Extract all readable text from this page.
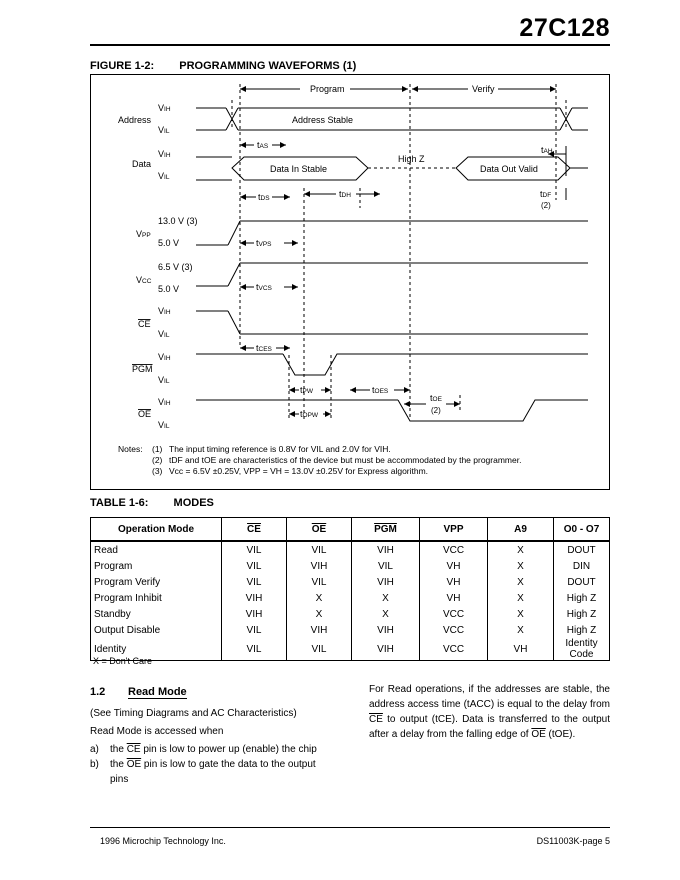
27C128
FIGURE 1-2: PROGRAMMING WAVEFORMS (1)
Program	Verify
Address
Data
VPP
VCC
CE
PGM
OE
VIH
VIL
VIH
VIL
13.0 V (3)
5.0 V
6.5 V (3)
5.0 V
VIH
VIL
VIH
VIL
VIH
VIL
Address Stable
Data In Stable
High Z
Data Out Valid
tAS	tAH
tDS	tDH	tDF
(2)
tVPS
tVCS
tCES
tPW
tOPW
tOES
tOE
(2)
Notes: (1) The input timing reference is 0.8V for VIL and 2.0V for VIH.
(2) tDF and tOE are characteristics of the device but must be accommodated by the programmer.
(3) Vcc = 6.5V ±0.25V, VPP = VH = 13.0V ±0.25V for Express algorithm.
TABLE 1-6: MODES
Operation Mode	$\overline{CE}$	$\overline{OE}$	$\overline{PGM}$	VPP	A9	O0 - O7
Read	VIL	VIL	VIH	VCC	X	DOUT
Program	VIL	VIH	VIL	VH	X	DIN
Program Verify	VIL	VIL	VIH	VH	X	DOUT
Program Inhibit	VIH	X	X	VH	X	High Z
Standby	VIH	X	X	VCC	X	High Z
Output Disable	VIL	VIH	VIH	VCC	X	High Z
Identity	VIL	VIL	VIH	VCC	VH	Identity Code
X = Don't Care
1.2 Read Mode
(See Timing Diagrams and AC Characteristics)
Read Mode is accessed when
a)	the $\overline{CE}$ pin is low to power up (enable) the chip
b)	the $\overline{OE}$ pin is low to gate the data to the output pins
For Read operations, if the addresses are stable, the address access time (tACC) is equal to the delay from $\overline{CE}$ to output (tCE). Data is transferred to the output after a delay from the falling edge of $\overline{OE}$ (tOE).
1996 Microchip Technology Inc.	DS11003K-page 5
